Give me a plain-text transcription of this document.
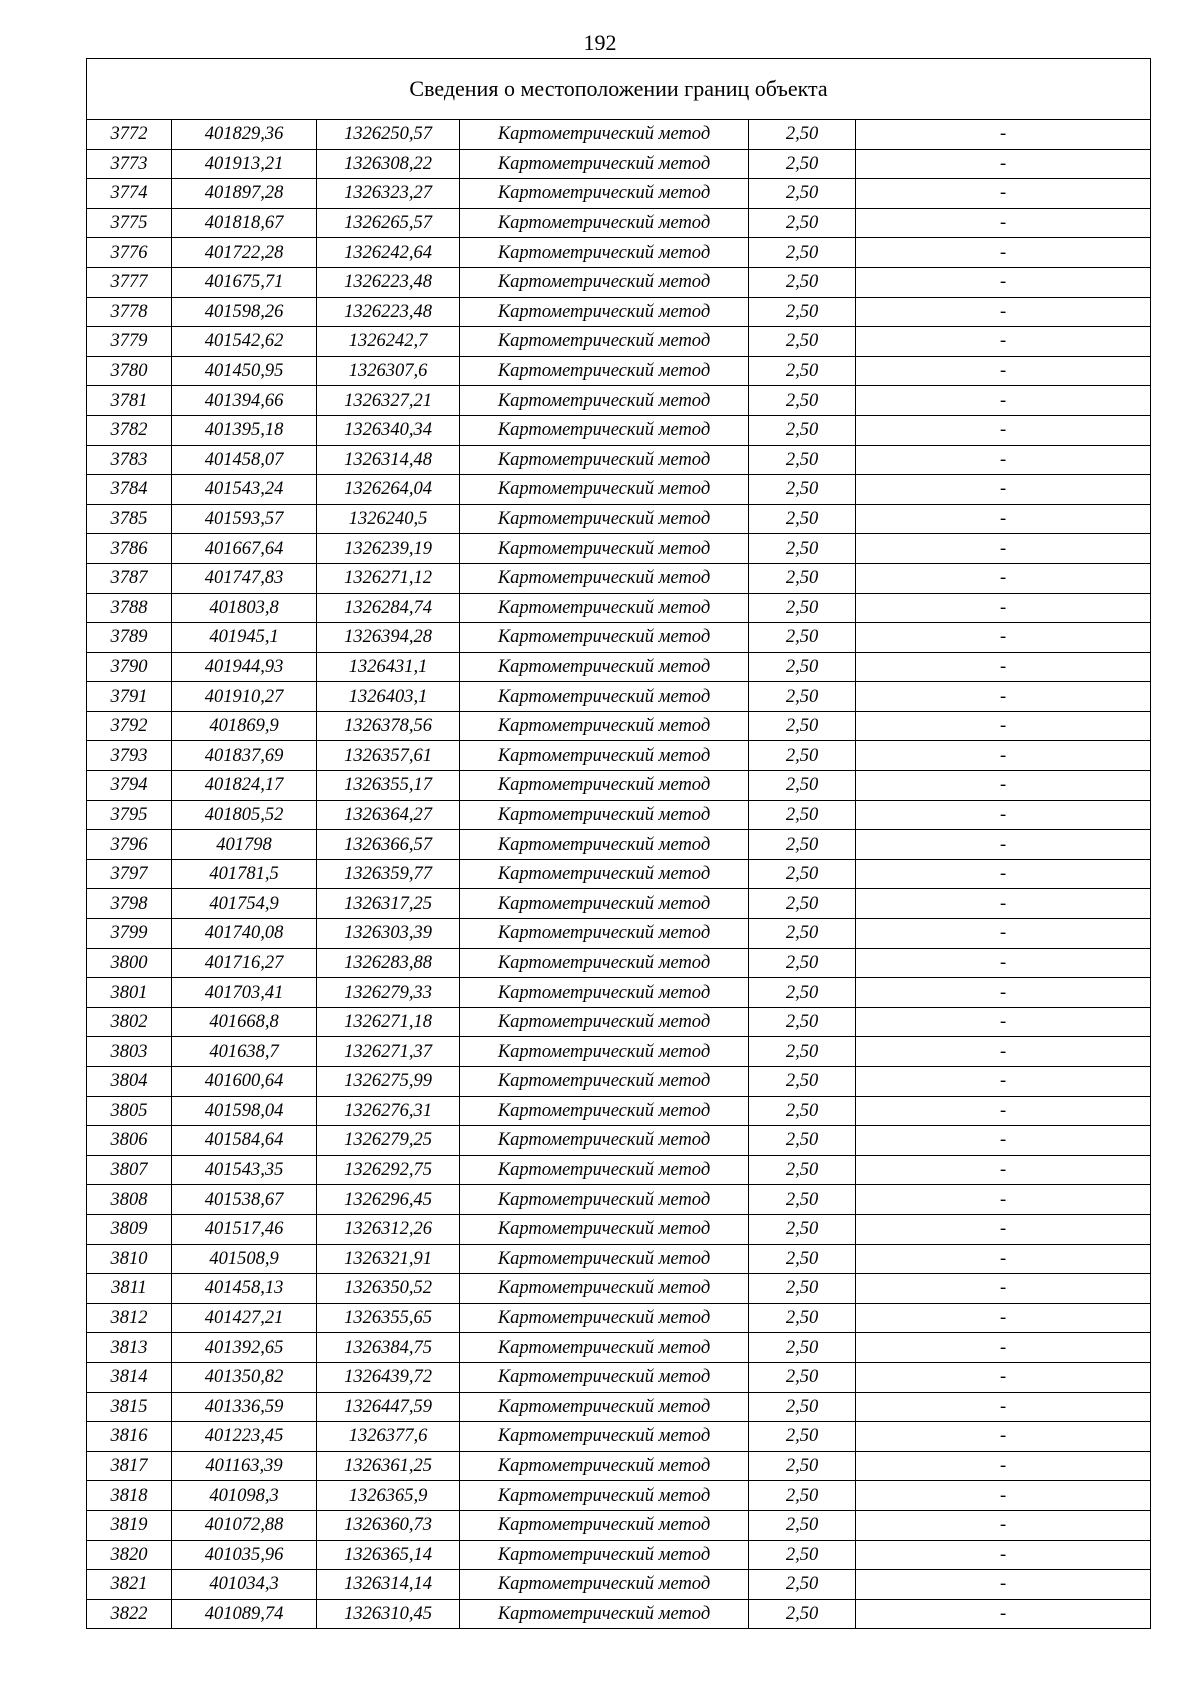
192
Сведения о местоположении границ объекта					
3772	401829,36	1326250,57	Картометрический метод	2,50	-
3773	401913,21	1326308,22	Картометрический метод	2,50	-
3774	401897,28	1326323,27	Картометрический метод	2,50	-
3775	401818,67	1326265,57	Картометрический метод	2,50	-
3776	401722,28	1326242,64	Картометрический метод	2,50	-
3777	401675,71	1326223,48	Картометрический метод	2,50	-
3778	401598,26	1326223,48	Картометрический метод	2,50	-
3779	401542,62	1326242,7	Картометрический метод	2,50	-
3780	401450,95	1326307,6	Картометрический метод	2,50	-
3781	401394,66	1326327,21	Картометрический метод	2,50	-
3782	401395,18	1326340,34	Картометрический метод	2,50	-
3783	401458,07	1326314,48	Картометрический метод	2,50	-
3784	401543,24	1326264,04	Картометрический метод	2,50	-
3785	401593,57	1326240,5	Картометрический метод	2,50	-
3786	401667,64	1326239,19	Картометрический метод	2,50	-
3787	401747,83	1326271,12	Картометрический метод	2,50	-
3788	401803,8	1326284,74	Картометрический метод	2,50	-
3789	401945,1	1326394,28	Картометрический метод	2,50	-
3790	401944,93	1326431,1	Картометрический метод	2,50	-
3791	401910,27	1326403,1	Картометрический метод	2,50	-
3792	401869,9	1326378,56	Картометрический метод	2,50	-
3793	401837,69	1326357,61	Картометрический метод	2,50	-
3794	401824,17	1326355,17	Картометрический метод	2,50	-
3795	401805,52	1326364,27	Картометрический метод	2,50	-
3796	401798	1326366,57	Картометрический метод	2,50	-
3797	401781,5	1326359,77	Картометрический метод	2,50	-
3798	401754,9	1326317,25	Картометрический метод	2,50	-
3799	401740,08	1326303,39	Картометрический метод	2,50	-
3800	401716,27	1326283,88	Картометрический метод	2,50	-
3801	401703,41	1326279,33	Картометрический метод	2,50	-
3802	401668,8	1326271,18	Картометрический метод	2,50	-
3803	401638,7	1326271,37	Картометрический метод	2,50	-
3804	401600,64	1326275,99	Картометрический метод	2,50	-
3805	401598,04	1326276,31	Картометрический метод	2,50	-
3806	401584,64	1326279,25	Картометрический метод	2,50	-
3807	401543,35	1326292,75	Картометрический метод	2,50	-
3808	401538,67	1326296,45	Картометрический метод	2,50	-
3809	401517,46	1326312,26	Картометрический метод	2,50	-
3810	401508,9	1326321,91	Картометрический метод	2,50	-
3811	401458,13	1326350,52	Картометрический метод	2,50	-
3812	401427,21	1326355,65	Картометрический метод	2,50	-
3813	401392,65	1326384,75	Картометрический метод	2,50	-
3814	401350,82	1326439,72	Картометрический метод	2,50	-
3815	401336,59	1326447,59	Картометрический метод	2,50	-
3816	401223,45	1326377,6	Картометрический метод	2,50	-
3817	401163,39	1326361,25	Картометрический метод	2,50	-
3818	401098,3	1326365,9	Картометрический метод	2,50	-
3819	401072,88	1326360,73	Картометрический метод	2,50	-
3820	401035,96	1326365,14	Картометрический метод	2,50	-
3821	401034,3	1326314,14	Картометрический метод	2,50	-
3822	401089,74	1326310,45	Картометрический метод	2,50	-
